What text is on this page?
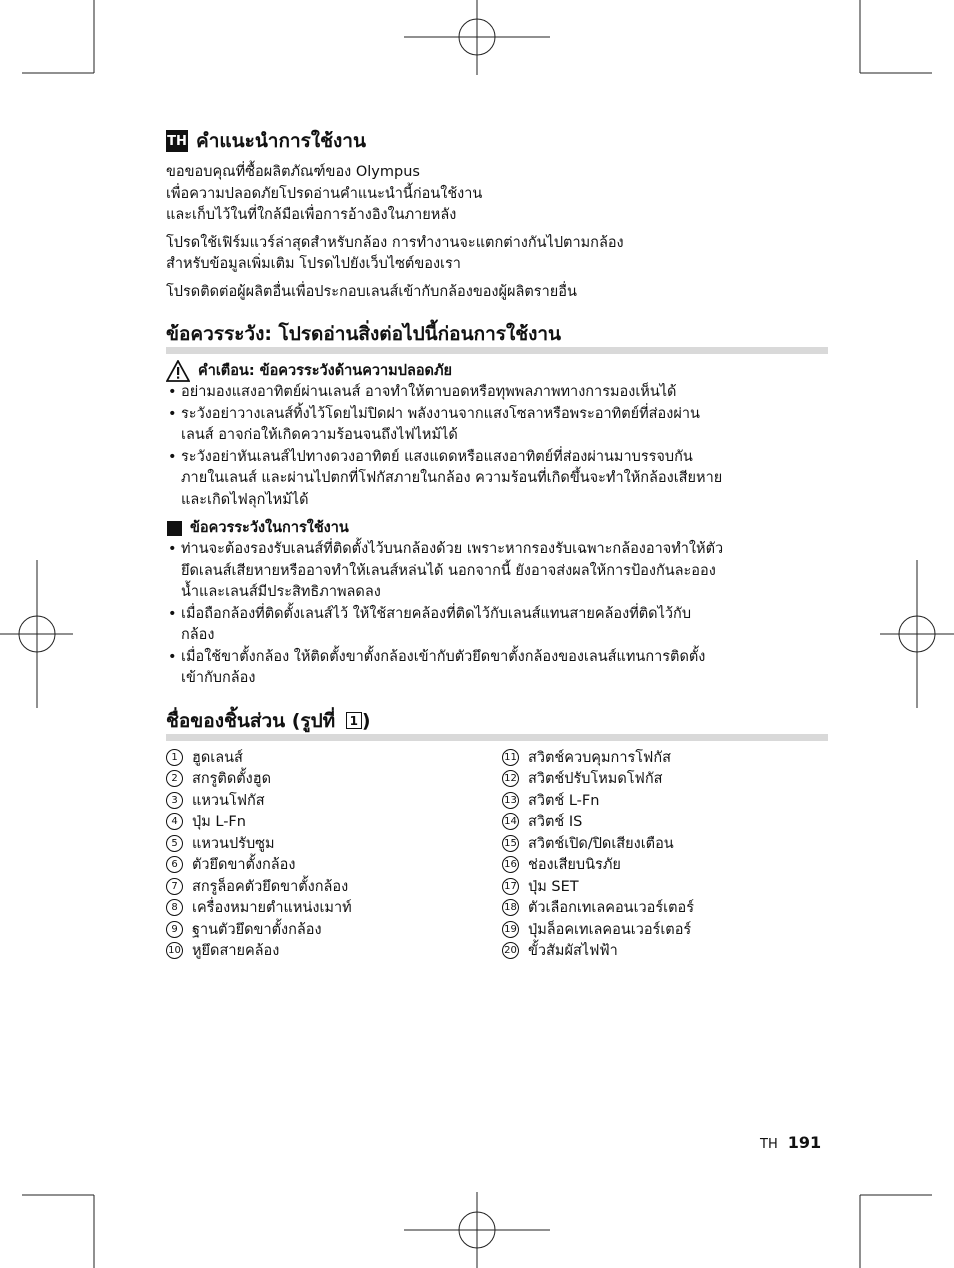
TH คำแนะนำการใช้งาน

ขอขอบคุณที่ซื้อผลิตภัณฑ์ของ Olympus

เพื่อความปลอดภัยโปรดอ่านคำแนะนำนี้ก่อนใช้งาน

และเก็บไว้ในที่ใกล้มือเพื่อการอ้างอิงในภายหลัง

โปรดใช้เฟิร์มแวร์ล่าสุดสำหรับกล้อง การทำงานจะแตกต่างกันไปตามกล้อง

สำหรับข้อมูลเพิ่มเติม โปรดไปยังเว็บไซต์ของเรา

โปรดติดต่อผู้ผลิตอื่นเพื่อประกอบเลนส์เข้ากับกล้องของผู้ผลิตรายอื่น

ข้อควรระวัง: โปรดอ่านสิ่งต่อไปนี้ก่อนการใช้งาน
คำเตือน: ข้อควรระวังด้านความปลอดภัย
• อย่ามองแสงอาทิตย์ผ่านเลนส์ อาจทำให้ตาบอดหรือทุพพลภาพทางการมองเห็นได้
• ระวังอย่าวางเลนส์ทิ้งไว้โดยไม่ปิดฝา พลังงานจากแสงโซลาหรือพระอาทิตย์ที่ส่องผ่าน
เลนส์ อาจก่อให้เกิดความร้อนจนถึงไฟไหม้ได้
• ระวังอย่าหันเลนส์ไปทางดวงอาทิตย์ แสงแดดหรือแสงอาทิตย์ที่ส่องผ่านมาบรรจบกัน
ภายในเลนส์ และผ่านไปตกที่โฟกัสภายในกล้อง ความร้อนที่เกิดขึ้นจะทำให้กล้องเสียหาย
และเกิดไฟลุกไหม้ได้
ข้อควรระวังในการใช้งาน
• ท่านจะต้องรองรับเลนส์ที่ติดตั้งไว้บนกล้องด้วย เพราะหากรองรับเฉพาะกล้องอาจทำให้ตัว
ยึดเลนส์เสียหายหรืออาจทำให้เลนส์หล่นได้ นอกจากนี้ ยังอาจส่งผลให้การป้องกันละออง
น้ำและเลนส์มีประสิทธิภาพลดลง
• เมื่อถือกล้องที่ติดตั้งเลนส์ไว้ ให้ใช้สายคล้องที่ติดไว้กับเลนส์แทนสายคล้องที่ติดไว้กับ
กล้อง
• เมื่อใช้ขาตั้งกล้อง ให้ติดตั้งขาตั้งกล้องเข้ากับตัวยึดขาตั้งกล้องของเลนส์แทนการติดตั้ง
เข้ากับกล้อง
ชื่อของชิ้นส่วน (รูปที่ 1 )
1 ฮูดเลนส์
2 สกรูติดตั้งฮูด
3 แหวนโฟกัส
4 ปุ่ม L-Fn
5 แหวนปรับซูม
6 ตัวยึดขาตั้งกล้อง
7 สกรูล็อคตัวยึดขาตั้งกล้อง
8 เครื่องหมายตำแหน่งเมาท์
9 ฐานตัวยึดขาตั้งกล้อง
10 หูยึดสายคล้อง
11 สวิตช์ควบคุมการโฟกัส
12 สวิตช์ปรับโหมดโฟกัส
13 สวิตช์ L-Fn
14 สวิตช์ IS
15 สวิตช์เปิด/ปิดเสียงเตือน
16 ช่องเสียบนิรภัย
17 ปุ่ม SET
18 ตัวเลือกเทเลคอนเวอร์เตอร์
19 ปุ่มล็อคเทเลคอนเวอร์เตอร์
20 ขั้วสัมผัสไฟฟ้า
TH 191
